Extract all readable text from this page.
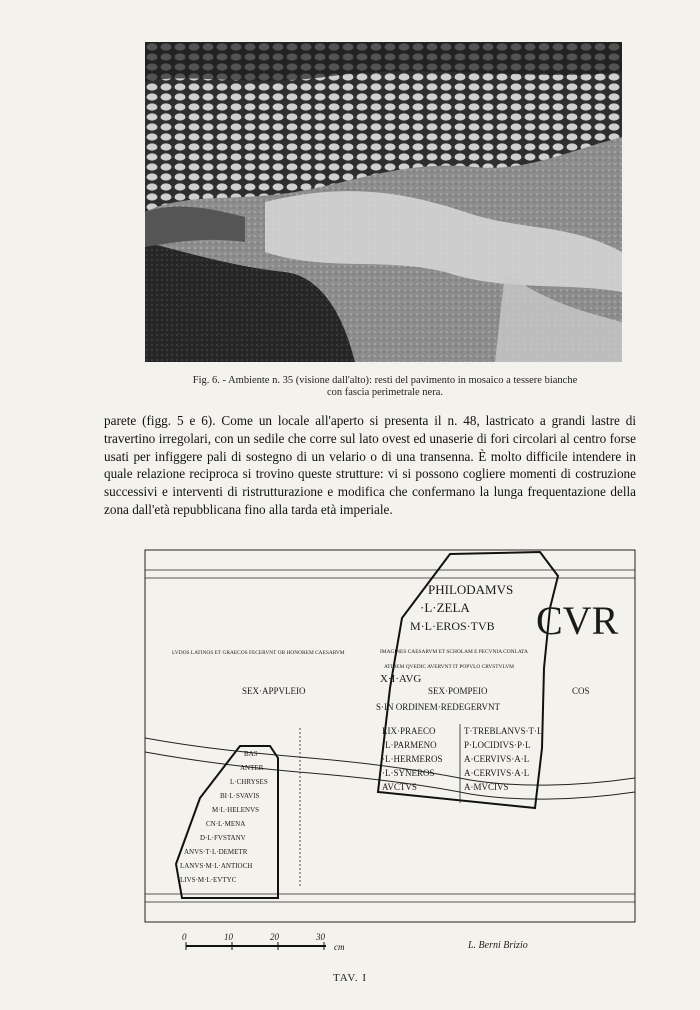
Fig. 6. - Ambiente n. 35 (visione dall'alto): resti del pavimento in mosaico a tessere bianche
con fascia perimetrale nera.
parete (figg. 5 e 6). Come un locale all'aperto si presenta il n. 48, lastricato a grandi lastre di travertino irregolari, con un sedile che corre sul lato ovest ed unaserie di fori circolari al centro forse usati per infiggere pali di sostegno di un velario o di una transenna. È molto difficile intendere in quale relazione reciproca si trovino queste strutture: vi si possono cogliere momenti di costruzione successivi e interventi di ristrutturazione e modifica che confermano la lunga frequentazione della zona dall'età repubblicana fino alla tarda età imperiale.
PHILODAMVS
·L·ZELA
M·L·EROS·TVB CVR
LVDOS LATINOS ET GRAECOS FECERVNT OB HONOREM CAESARVM	IMAGINES CAESARVM ET SCHOLAM E PECVNIA CONLATA
ATIDEM QVEDIC AVERVNT IT POPVLO CRVSTVLVM
X·I·AVG
SEX·APPVLEIO	SEX·POMPEIO	COS
S·IN ORDINEM·REDEGERVNT
LIX·PRAECO
·L·PARMENO
·L·HERMEROS
·L·SYNEROS
AVCTVS
T·TREBLANVS·T·L
P·LOCIDIVS·P·L
A·CERVIVS·A·L
A·CERVIVS·A·L
A·MVCIVS
BAS
ANTER
L·CHRYSES
BI·L·SVAVIS
M·L·HELENVS
CN·L·MENA
D·L·FVSTANV
ANVS·T·L·DEMETR
LANVS·M·L·ANTIOCH
LIVS·M·L·EVTYC
0	10	20	30
cm	L. Berni Brizio
TAV. I
